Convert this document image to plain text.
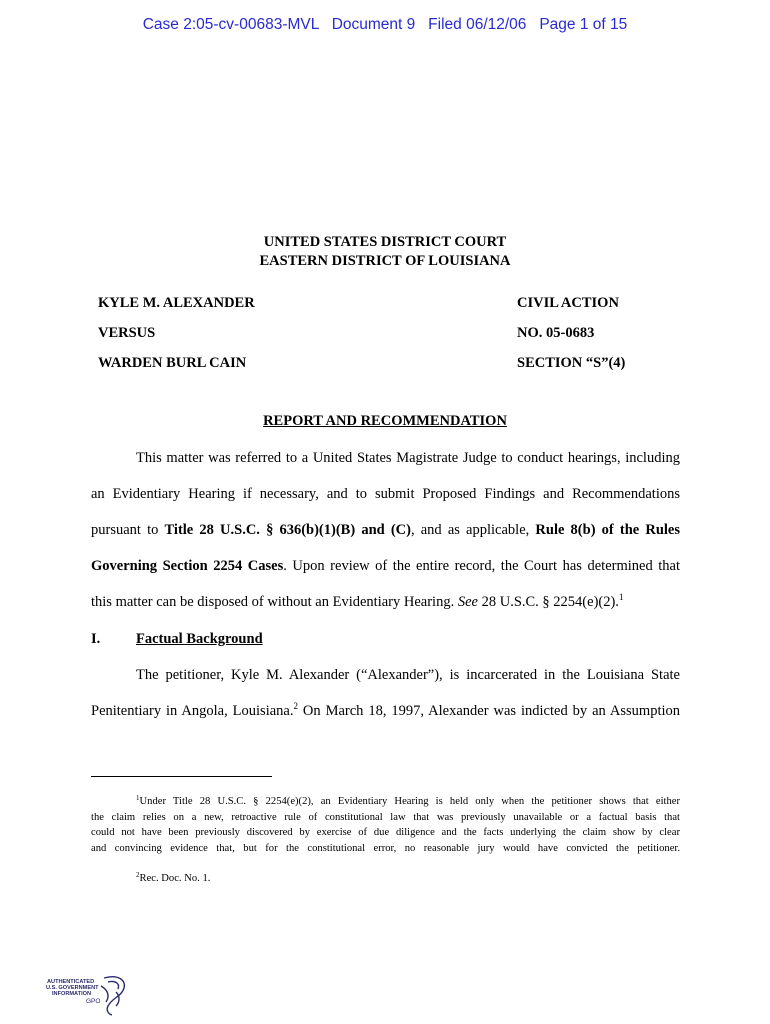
Case 2:05-cv-00683-MVL   Document 9   Filed 06/12/06   Page 1 of 15
UNITED STATES DISTRICT COURT
EASTERN DISTRICT OF LOUISIANA
KYLE M. ALEXANDER
VERSUS
WARDEN BURL CAIN
CIVIL ACTION
NO. 05-0683
SECTION “S”(4)
REPORT AND RECOMMENDATION
This matter was referred to a United States Magistrate Judge to conduct hearings, including
an Evidentiary Hearing if necessary, and to submit Proposed Findings and Recommendations
pursuant to Title 28 U.S.C. § 636(b)(1)(B) and (C), and as applicable, Rule 8(b) of the Rules
Governing Section 2254 Cases. Upon review of the entire record, the Court has determined that
this matter can be disposed of without an Evidentiary Hearing. See 28 U.S.C. § 2254(e)(2).$^1$
I. Factual Background
The petitioner, Kyle M. Alexander (“Alexander”), is incarcerated in the Louisiana State
Penitentiary in Angola, Louisiana.$^2$ On March 18, 1997, Alexander was indicted by an Assumption
$^1$Under Title 28 U.S.C. § 2254(e)(2), an Evidentiary Hearing is held only when the petitioner shows that either
the claim relies on a new, retroactive rule of constitutional law that was previously unavailable or a factual basis that
could not have been previously discovered by exercise of due diligence and the facts underlying the claim show by clear
and convincing evidence that, but for the constitutional error, no reasonable jury would have convicted the petitioner.
$^2$Rec. Doc. No. 1.
AUTHENTICATED
U.S. GOVERNMENT
INFORMATION
GPO
